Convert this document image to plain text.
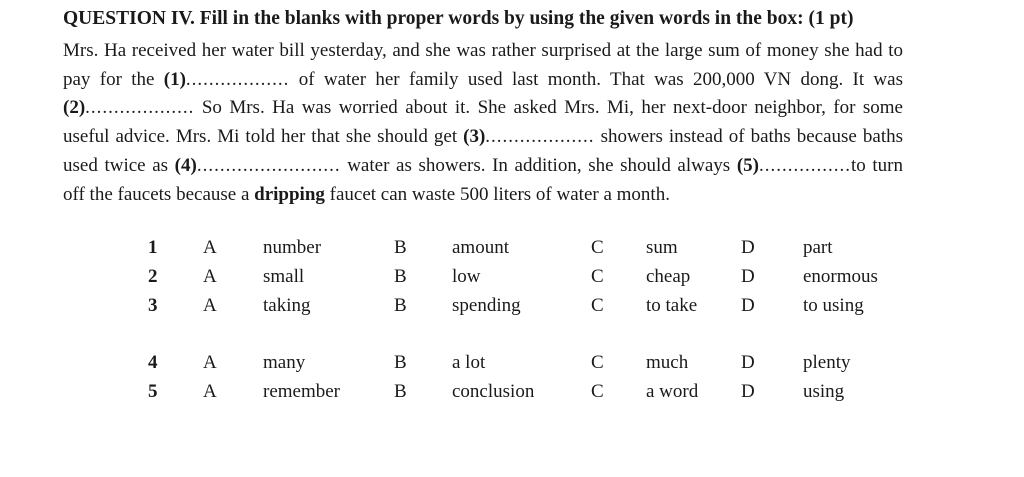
QUESTION IV. Fill in the blanks with proper words by using the given words in the box: (1 pt)
Mrs. Ha received her water bill yesterday, and she was rather surprised at the large sum of money she had to pay for the (1).................. of water her family used last month. That was 200,000 VN dong. It was (2)................... So Mrs. Ha was worried about it. She asked Mrs. Mi, her next-door neighbor, for some useful advice. Mrs. Mi told her that she should get (3)................... showers instead of baths because baths used twice as (4)......................... water as showers. In addition, she should always (5)................to turn off the faucets because a dripping faucet can waste 500 liters of water a month.
1 A number	B amount	C sum	D	part
2 A small	B low	C cheap	D	enormous
3 A taking	B spending	C to take	D	to using
4 A many	B a lot	C much	D	plenty
5 A remember	B conclusion	C a word	D	using
